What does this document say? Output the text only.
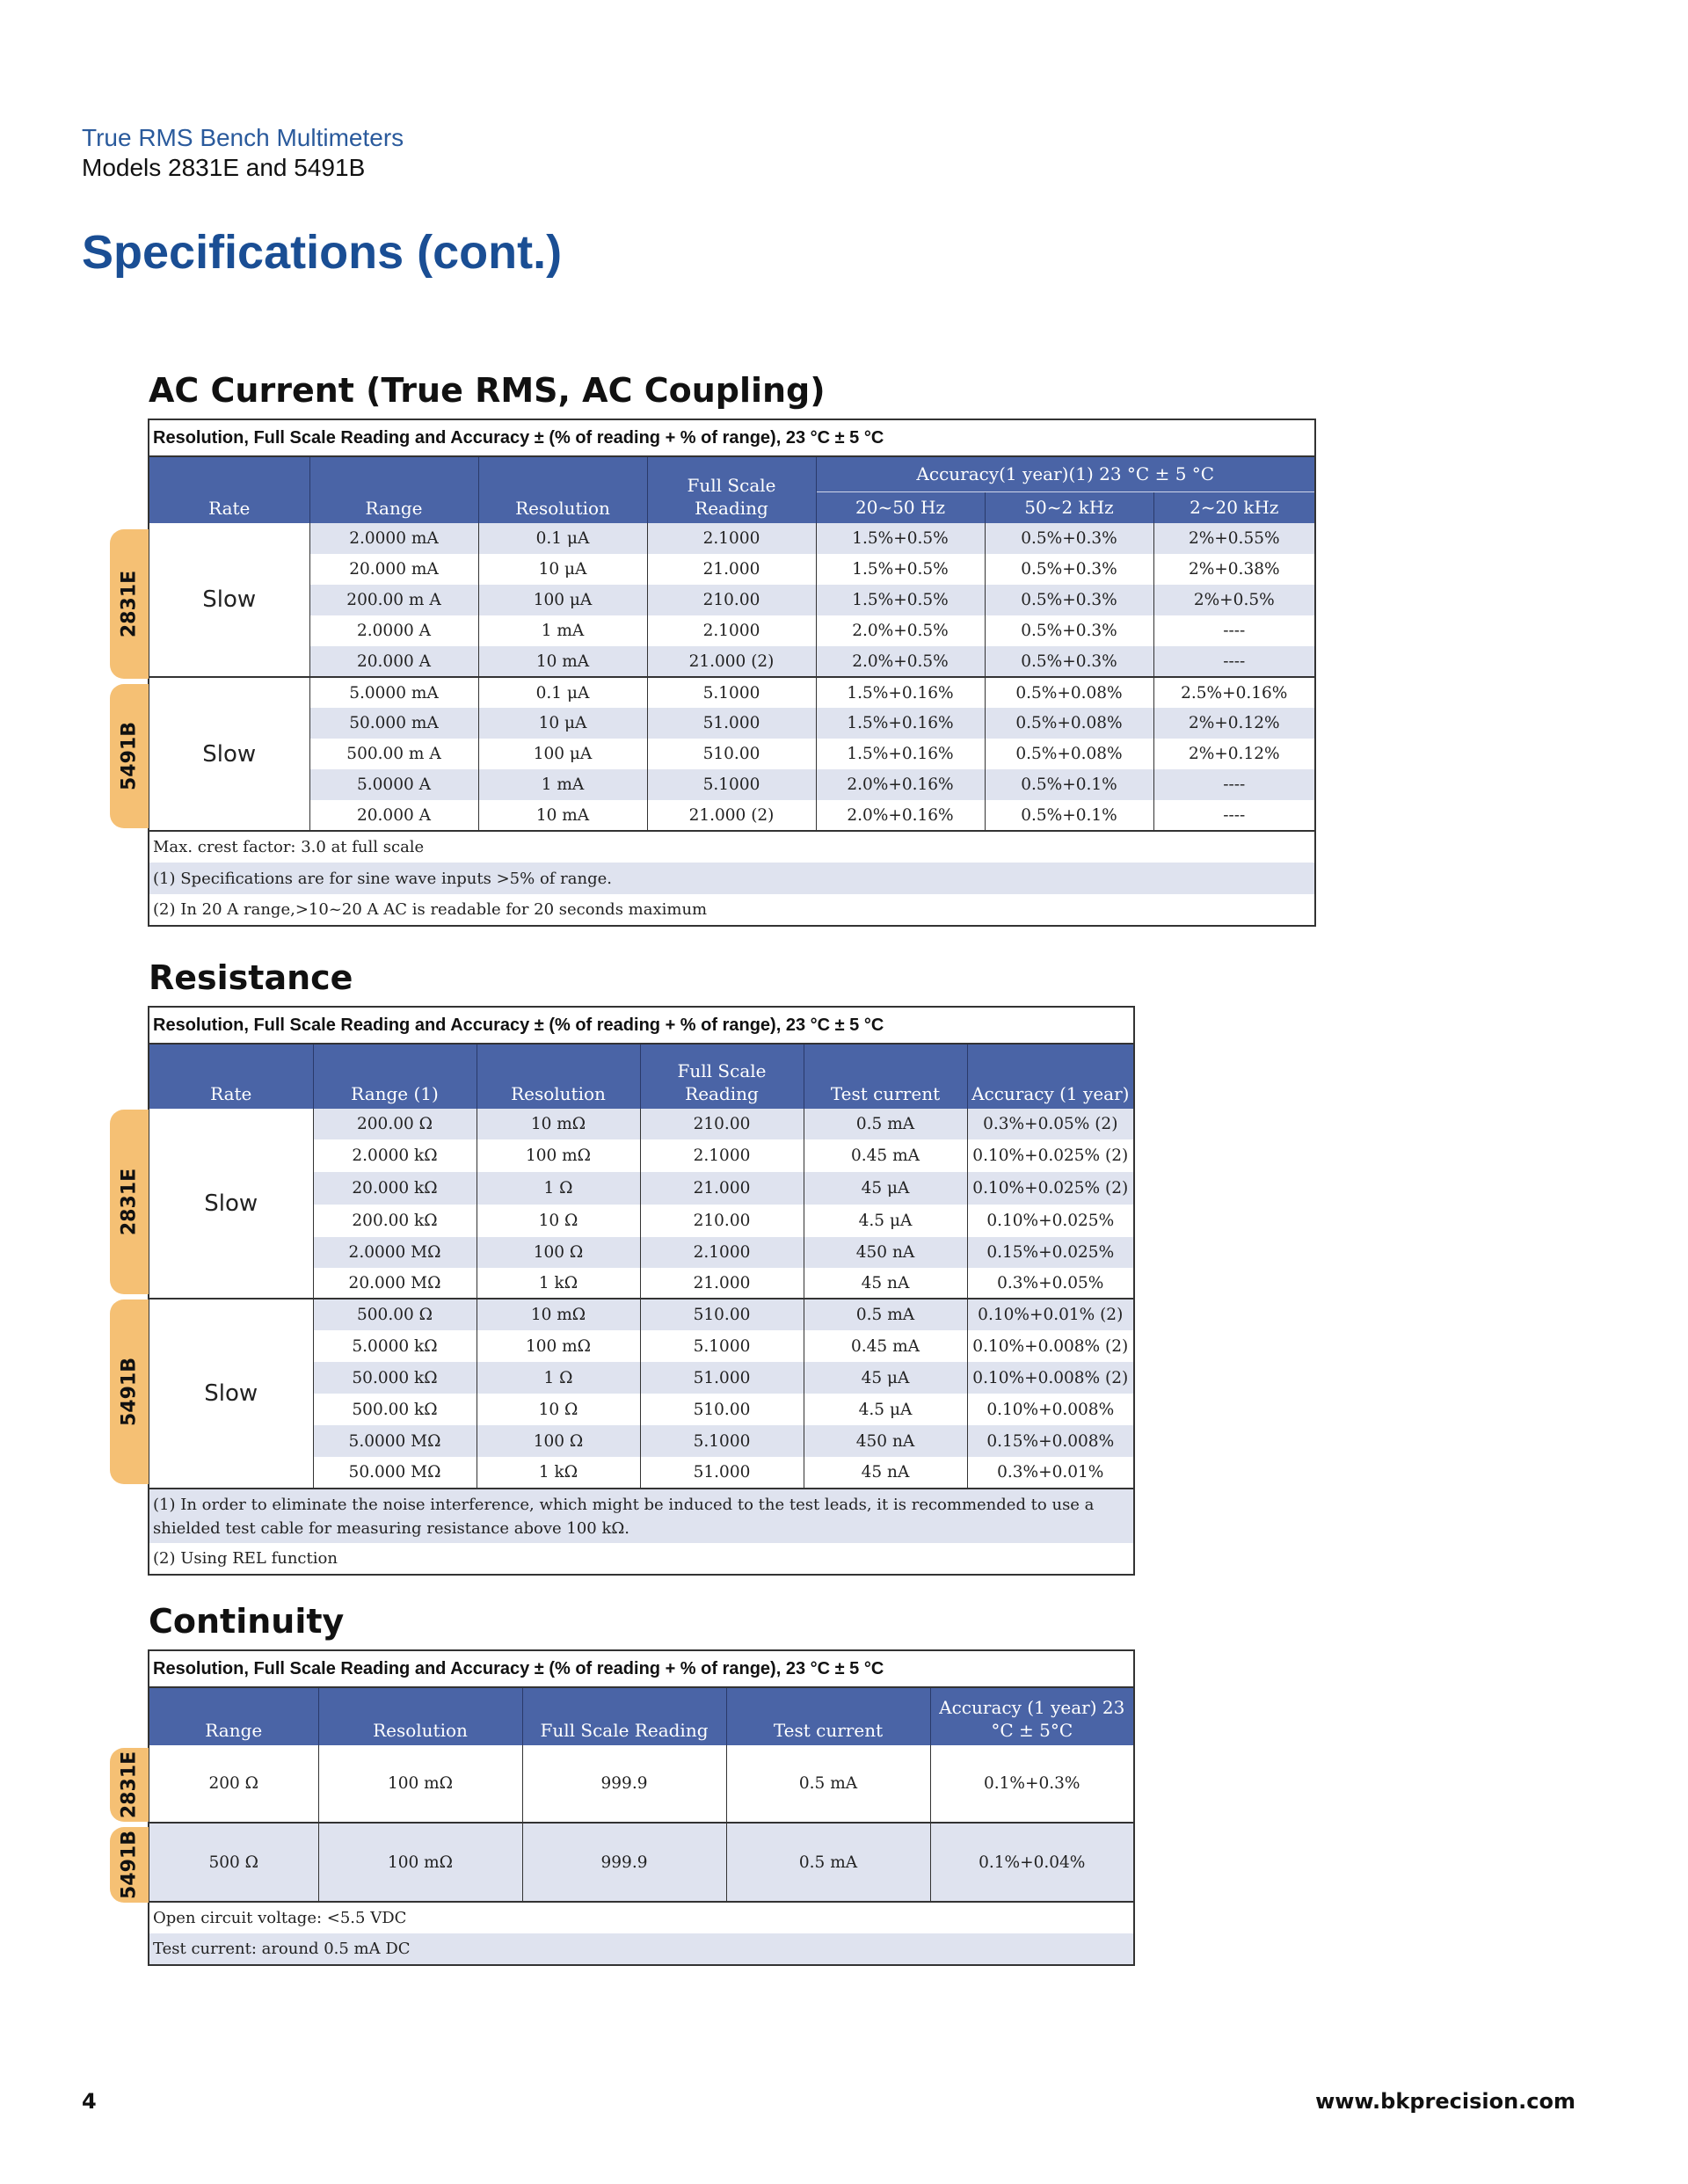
True RMS Bench Multimeters
Models 2831E and 5491B
Specifications (cont.)
AC Current (True RMS, AC Coupling)
Resolution, Full Scale Reading and Accuracy ± (% of reading + % of range), 23 °C ± 5 °C						
Rate	Range	Resolution	Full Scale Reading	Accuracy(1 year)(1) 23 °C ± 5 °C		
				20~50 Hz	50~2 kHz	2~20 kHz
Slow	2.0000 mA	0.1 μA	2.1000	1.5%+0.5%	0.5%+0.3%	2%+0.55%
	20.000 mA	10 μA	21.000	1.5%+0.5%	0.5%+0.3%	2%+0.38%
	200.00 m A	100 μA	210.00	1.5%+0.5%	0.5%+0.3%	2%+0.5%
	2.0000 A	1 mA	2.1000	2.0%+0.5%	0.5%+0.3%	----
	20.000 A	10 mA	21.000 (2)	2.0%+0.5%	0.5%+0.3%	----
Slow	5.0000 mA	0.1 μA	5.1000	1.5%+0.16%	0.5%+0.08%	2.5%+0.16%
	50.000 mA	10 μA	51.000	1.5%+0.16%	0.5%+0.08%	2%+0.12%
	500.00 m A	100 μA	510.00	1.5%+0.16%	0.5%+0.08%	2%+0.12%
	5.0000 A	1 mA	5.1000	2.0%+0.16%	0.5%+0.1%	----
	20.000 A	10 mA	21.000 (2)	2.0%+0.16%	0.5%+0.1%	----
Max. crest factor: 3.0 at full scale						
(1) Specifications are for sine wave inputs >5% of range.						
(2) In 20 A range,>10~20 A AC is readable for 20 seconds maximum						
2831E
5491B
Resistance
Resolution, Full Scale Reading and Accuracy ± (% of reading + % of range), 23 °C ± 5 °C					
Rate	Range (1)	Resolution	Full Scale Reading	Test current	Accuracy (1 year)
Slow	200.00 Ω	10 mΩ	210.00	0.5 mA	0.3%+0.05% (2)
	2.0000 kΩ	100 mΩ	2.1000	0.45 mA	0.10%+0.025% (2)
	20.000 kΩ	1 Ω	21.000	45 μA	0.10%+0.025% (2)
	200.00 kΩ	10 Ω	210.00	4.5 μA	0.10%+0.025%
	2.0000 MΩ	100 Ω	2.1000	450 nA	0.15%+0.025%
	20.000 MΩ	1 kΩ	21.000	45 nA	0.3%+0.05%
Slow	500.00 Ω	10 mΩ	510.00	0.5 mA	0.10%+0.01% (2)
	5.0000 kΩ	100 mΩ	5.1000	0.45 mA	0.10%+0.008% (2)
	50.000 kΩ	1 Ω	51.000	45 μA	0.10%+0.008% (2)
	500.00 kΩ	10 Ω	510.00	4.5 μA	0.10%+0.008%
	5.0000 MΩ	100 Ω	5.1000	450 nA	0.15%+0.008%
	50.000 MΩ	1 kΩ	51.000	45 nA	0.3%+0.01%
(1) In order to eliminate the noise interference, which might be induced to the test leads, it is recommended to use a shielded test cable for measuring resistance above 100 kΩ.					
(2) Using REL function					
2831E
5491B
Continuity
Resolution, Full Scale Reading and Accuracy ± (% of reading + % of range), 23 °C ± 5 °C				
Range	Resolution	Full Scale Reading	Test current	Accuracy (1 year) 23 °C ± 5°C
200 Ω	100 mΩ	999.9	0.5 mA	0.1%+0.3%
500 Ω	100 mΩ	999.9	0.5 mA	0.1%+0.04%
Open circuit voltage: <5.5 VDC				
Test current: around 0.5 mA DC				
2831E
5491B
4	www.bkprecision.com
